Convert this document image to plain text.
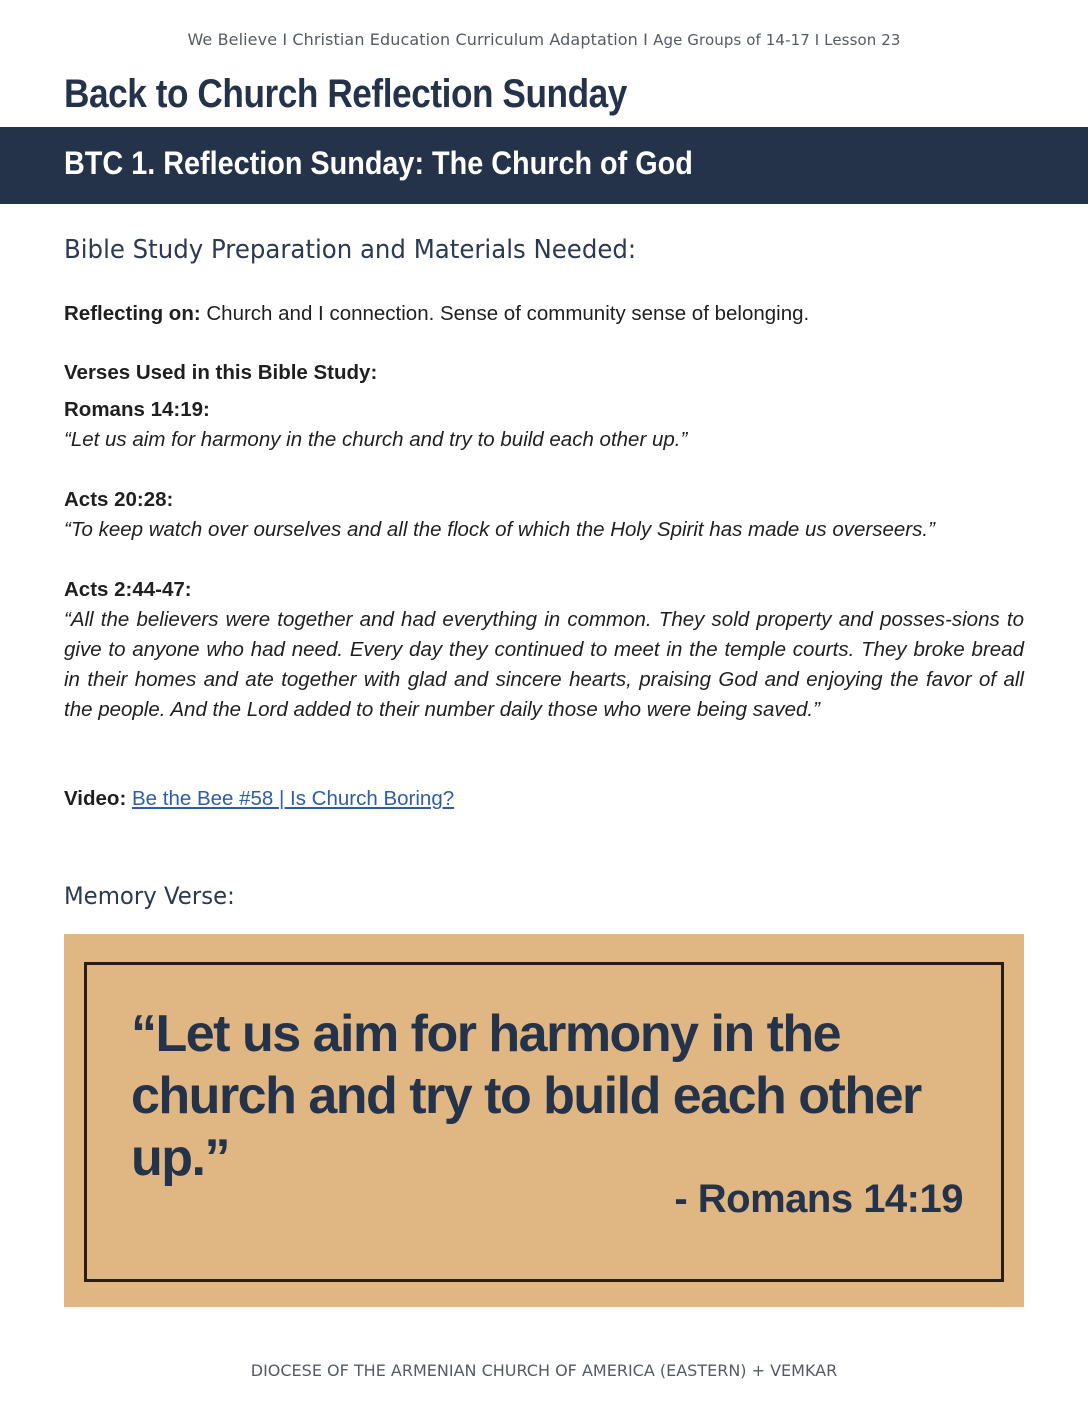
We Believe I Christian Education Curriculum Adaptation I Age Groups of 14-17 I Lesson 23
Back to Church Reflection Sunday
BTC 1. Reflection Sunday: The Church of God
Bible Study Preparation and Materials Needed:
Reflecting on: Church and I connection. Sense of community sense of belonging.
Verses Used in this Bible Study:
Romans 14:19:
“Let us aim for harmony in the church and try to build each other up.”
Acts 20:28:
“To keep watch over ourselves and all the flock of which the Holy Spirit has made us overseers.”
Acts 2:44-47:
“All the believers were together and had everything in common. They sold property and posses-sions to give to anyone who had need. Every day they continued to meet in the temple courts. They broke bread in their homes and ate together with glad and sincere hearts, praising God and enjoying the favor of all the people. And the Lord added to their number daily those who were being saved.”
Video: Be the Bee #58 | Is Church Boring?
Memory Verse:
“Let us aim for harmony in the church and try to build each other up.”
- Romans 14:19
DIOCESE OF THE ARMENIAN CHURCH OF AMERICA (EASTERN) + VEMKAR
